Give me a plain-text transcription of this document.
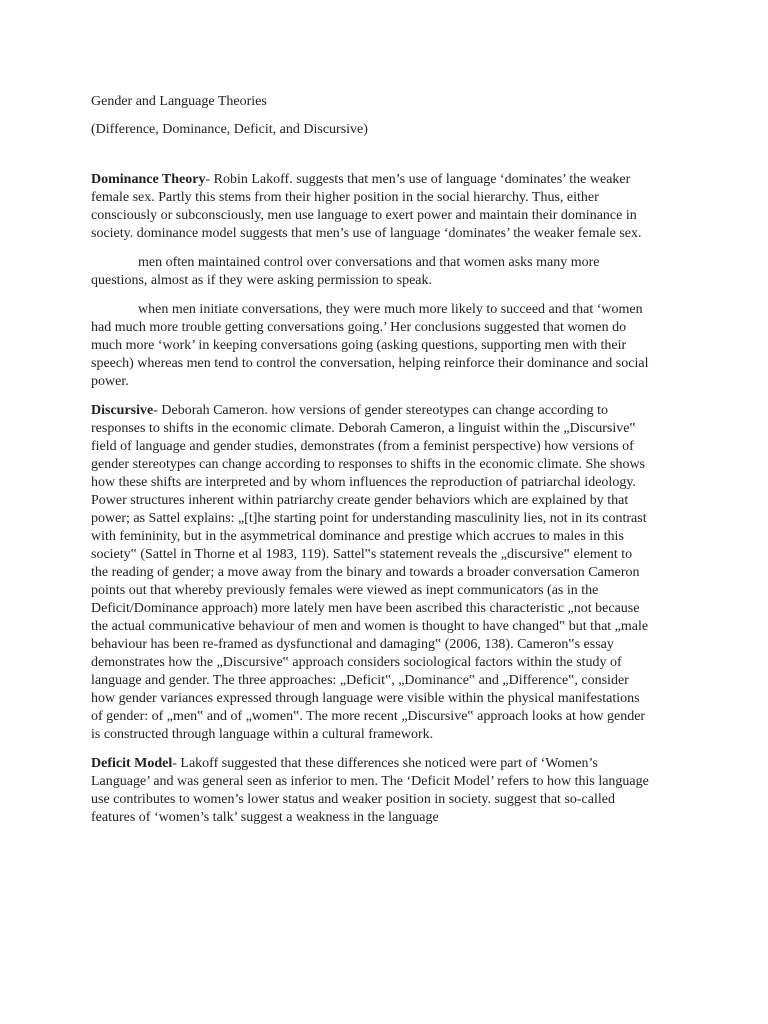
Gender and Language Theories
(Difference, Dominance, Deficit, and Discursive)

Dominance Theory- Robin Lakoff. suggests that men’s use of language ‘dominates’ the weaker female sex. Partly this stems from their higher position in the social hierarchy. Thus, either consciously or subconsciously, men use language to exert power and maintain their dominance in society. dominance model suggests that men’s use of language ‘dominates’ the weaker female sex.

men often maintained control over conversations and that women asks many more questions, almost as if they were asking permission to speak.

when men initiate conversations, they were much more likely to succeed and that ‘women had much more trouble getting conversations going.’ Her conclusions suggested that women do much more ‘work’ in keeping conversations going (asking questions, supporting men with their speech) whereas men tend to control the conversation, helping reinforce their dominance and social power.

Discursive- Deborah Cameron. how versions of gender stereotypes can change according to responses to shifts in the economic climate. Deborah Cameron, a linguist within the „Discursive‟ field of language and gender studies, demonstrates (from a feminist perspective) how versions of gender stereotypes can change according to responses to shifts in the economic climate. She shows how these shifts are interpreted and by whom influences the reproduction of patriarchal ideology. Power structures inherent within patriarchy create gender behaviors which are explained by that power; as Sattel explains: „[t]he starting point for understanding masculinity lies, not in its contrast with femininity, but in the asymmetrical dominance and prestige which accrues to males in this society‟ (Sattel in Thorne et al 1983, 119). Sattel‟s statement reveals the „discursive‟ element to the reading of gender; a move away from the binary and towards a broader conversation Cameron points out that whereby previously females were viewed as inept communicators (as in the Deficit/Dominance approach) more lately men have been ascribed this characteristic „not because the actual communicative behaviour of men and women is thought to have changed‟ but that „male behaviour has been re-framed as dysfunctional and damaging‟ (2006, 138). Cameron‟s essay demonstrates how the „Discursive‟ approach considers sociological factors within the study of language and gender. The three approaches: „Deficit‟, „Dominance‟ and „Difference‟, consider how gender variances expressed through language were visible within the physical manifestations of gender: of „men‟ and of „women‟. The more recent „Discursive‟ approach looks at how gender is constructed through language within a cultural framework.

Deficit Model- Lakoff suggested that these differences she noticed were part of ‘Women’s Language’ and was general seen as inferior to men. The ‘Deficit Model’ refers to how this language use contributes to women’s lower status and weaker position in society. suggest that so-called features of ‘women’s talk’ suggest a weakness in the language
